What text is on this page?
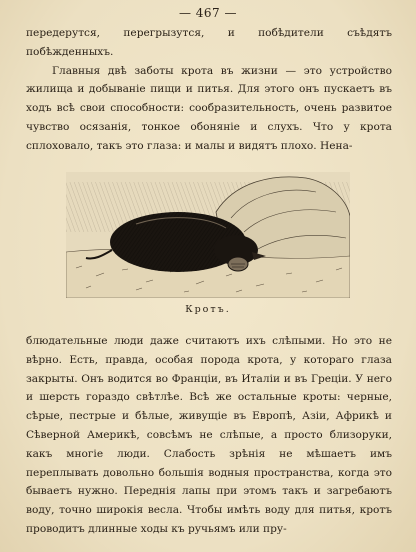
— 467 —

передерутся, перегрызутся, и побѣдители съѣдятъ побѣжденныхъ.

Главныя двѣ заботы крота въ жизни — это устройство жилища и добываніе пищи и питья. Для этого онъ пускаетъ въ ходъ всѣ свои способности: сообразительность, очень развитое чувство осязанія, тонкое обоняніе и слухъ. Что у крота сплоховало, такъ это глаза: и малы и видятъ плохо. Нена-

Кротъ.

блюдательные люди даже считаютъ ихъ слѣпыми. Но это не вѣрно. Есть, правда, особая порода крота, у котораго глаза закрыты. Онъ водится во Франціи, въ Италіи и въ Греціи. У него и шерсть гораздо свѣтлѣе. Всѣ же остальные кроты: черные, сѣрые, пестрые и бѣлые, живущіе въ Европѣ, Азіи, Африкѣ и Сѣверной Америкѣ, совсѣмъ не слѣпые, а просто близоруки, какъ многіе люди. Слабость зрѣнія не мѣшаетъ имъ переплывать довольно большія водныя пространства, когда это бываетъ нужно. Переднія лапы при этомъ такъ и загребаютъ воду, точно широкія весла. Чтобы имѣть воду для питья, кротъ проводитъ длинные ходы къ ручьямъ или пру-
